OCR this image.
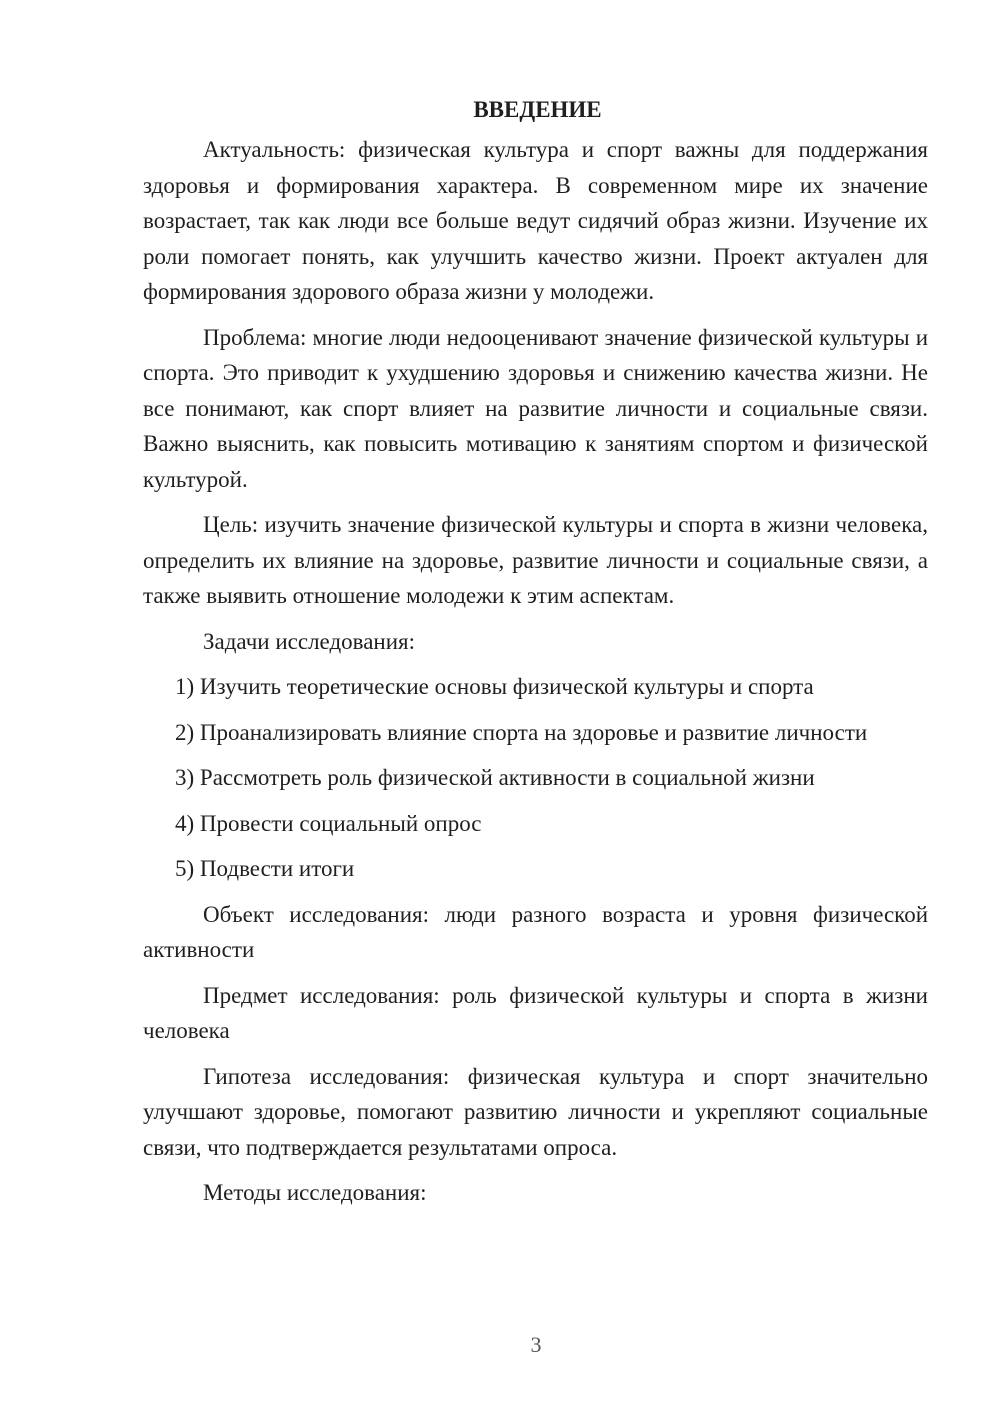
ВВЕДЕНИЕ

Актуальность: физическая культура и спорт важны для поддержания здоровья и формирования характера. В современном мире их значение возрастает, так как люди все больше ведут сидячий образ жизни. Изучение их роли помогает понять, как улучшить качество жизни. Проект актуален для формирования здорового образа жизни у молодежи.

Проблема: многие люди недооценивают значение физической культуры и спорта. Это приводит к ухудшению здоровья и снижению качества жизни. Не все понимают, как спорт влияет на развитие личности и социальные связи. Важно выяснить, как повысить мотивацию к занятиям спортом и физической культурой.

Цель: изучить значение физической культуры и спорта в жизни человека, определить их влияние на здоровье, развитие личности и социальные связи, а также выявить отношение молодежи к этим аспектам.

Задачи исследования:

1) Изучить теоретические основы физической культуры и спорта
2) Проанализировать влияние спорта на здоровье и развитие личности
3) Рассмотреть роль физической активности в социальной жизни
4) Провести социальный опрос
5) Подвести итоги

Объект исследования: люди разного возраста и уровня физической активности

Предмет исследования: роль физической культуры и спорта в жизни человека

Гипотеза исследования: физическая культура и спорт значительно улучшают здоровье, помогают развитию личности и укрепляют социальные связи, что подтверждается результатами опроса.

Методы исследования:

3
